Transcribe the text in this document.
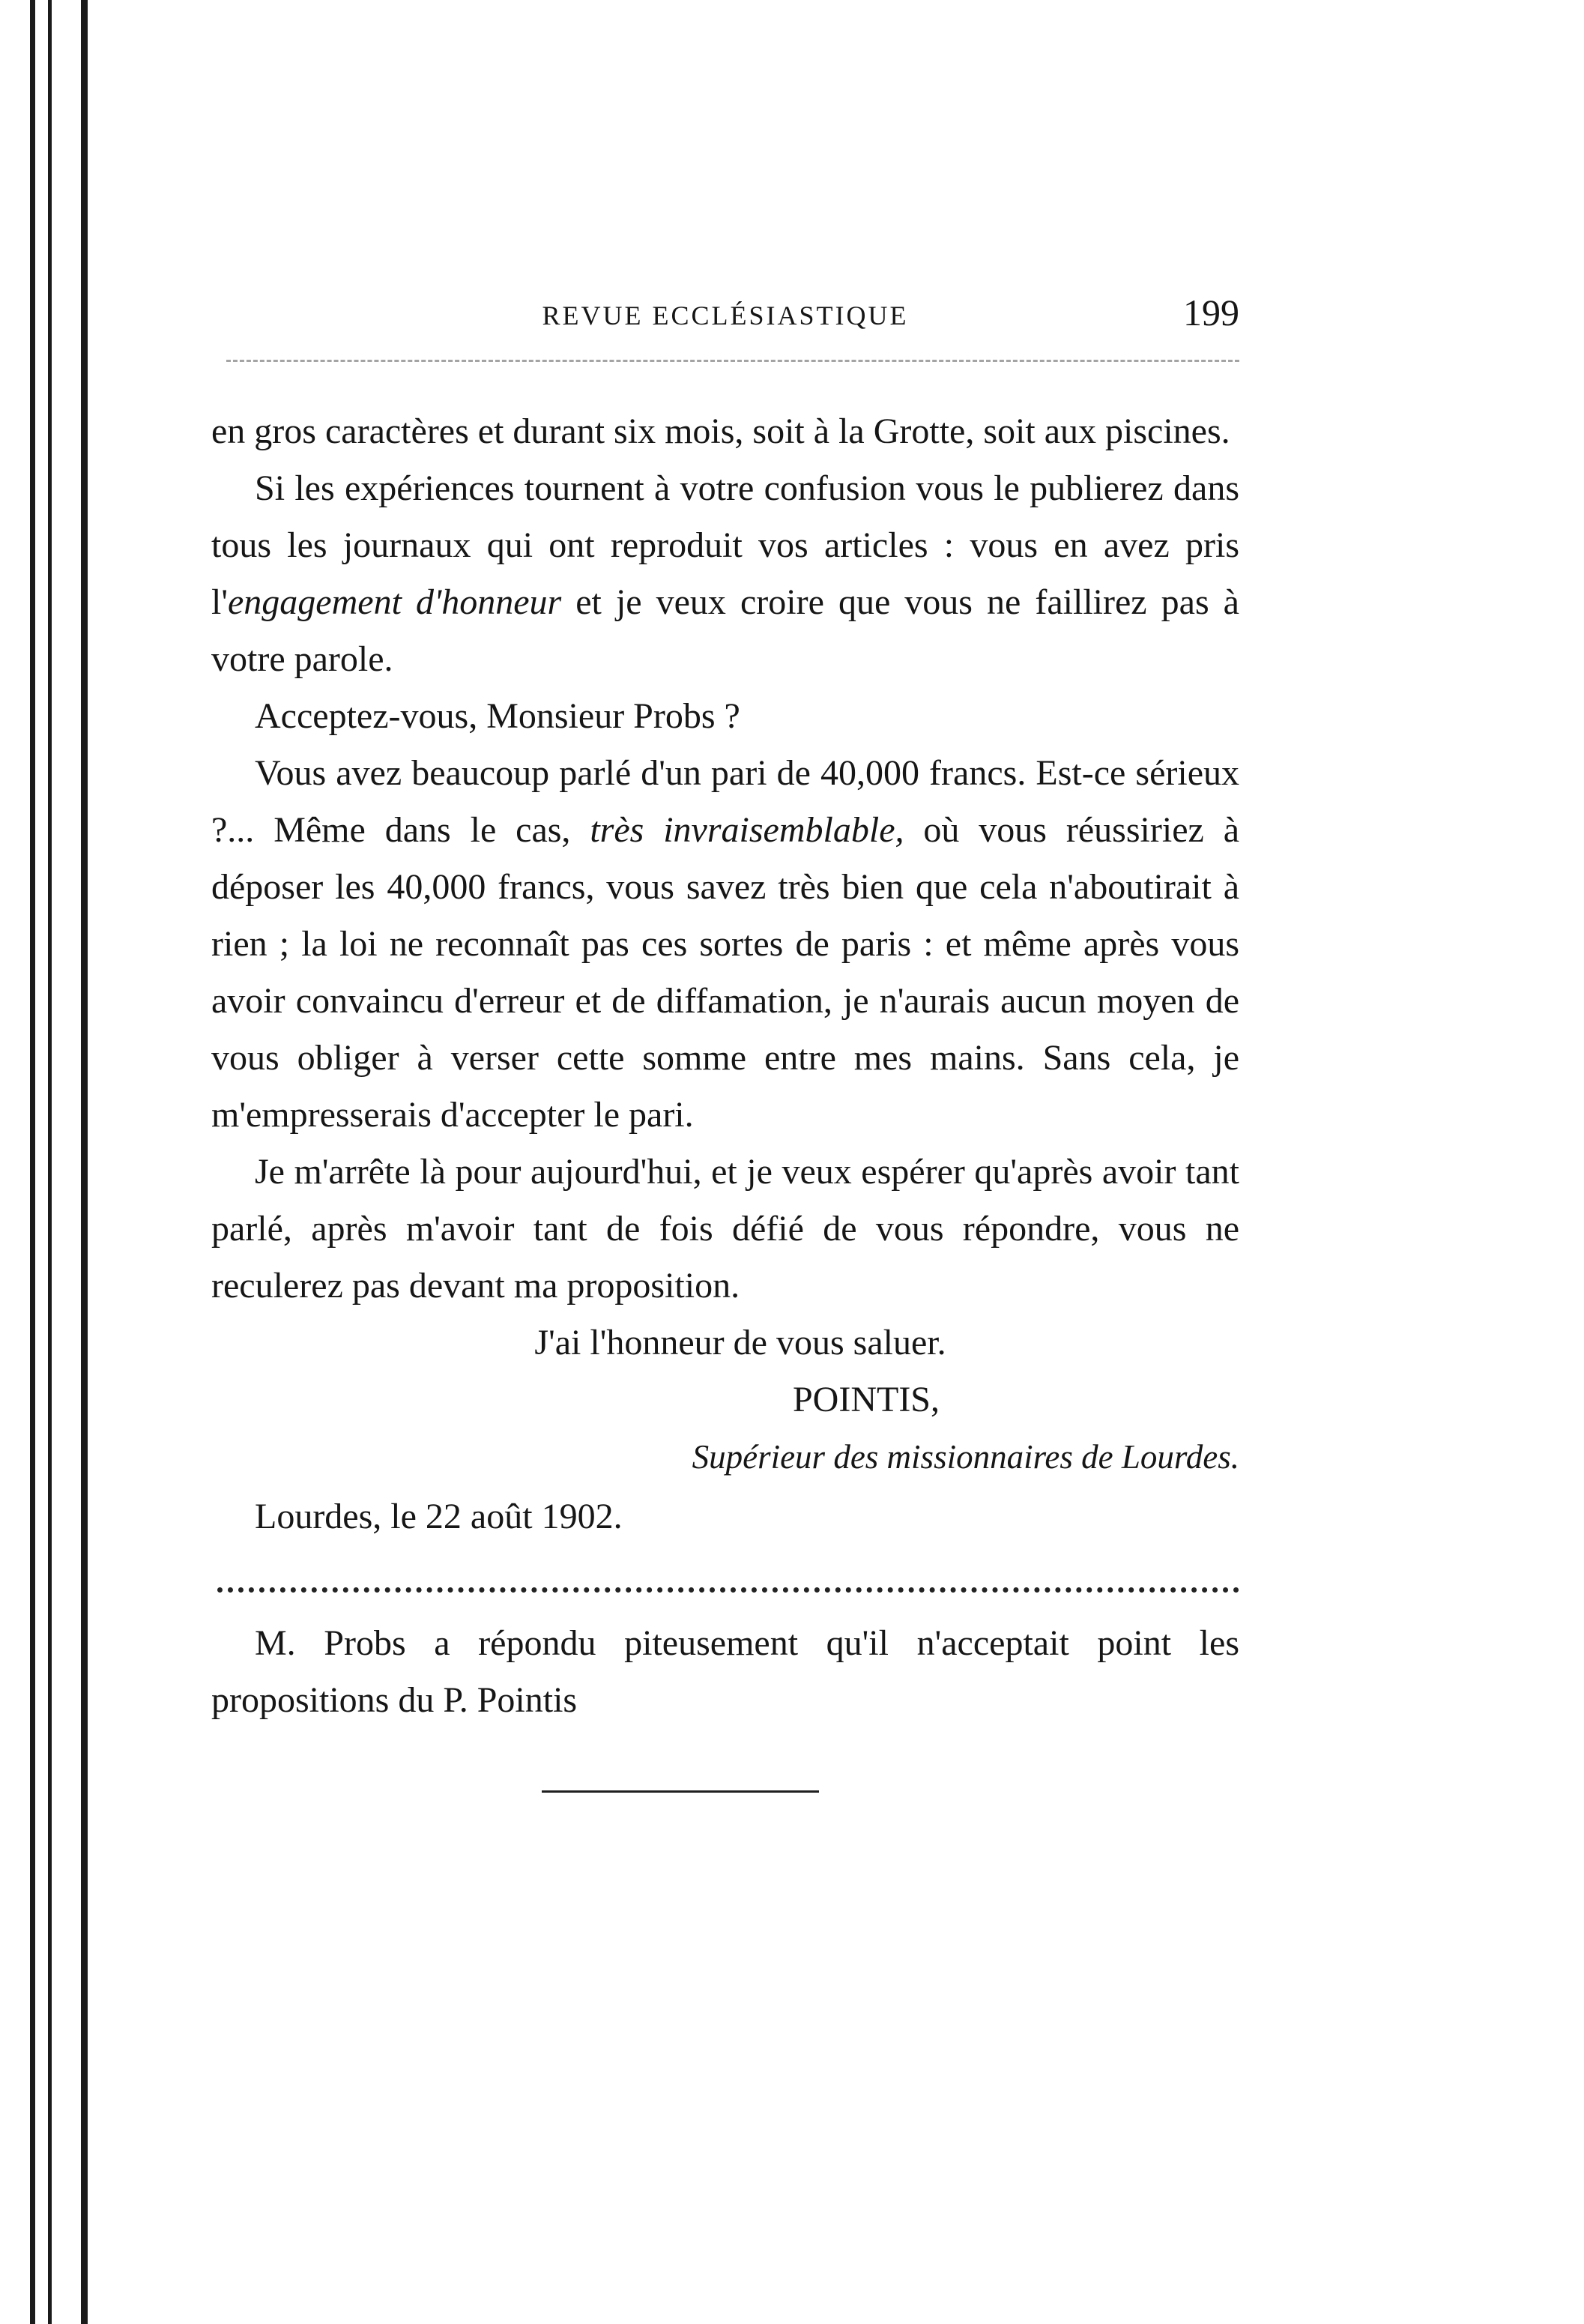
REVUE ECCLÉSIASTIQUE	199

en gros caractères et durant six mois, soit à la Grotte, soit aux piscines.

Si les expériences tournent à votre confusion vous le publierez dans tous les journaux qui ont reproduit vos articles : vous en avez pris l'engagement d'honneur et je veux croire que vous ne faillirez pas à votre parole.

Acceptez-vous, Monsieur Probs ?

Vous avez beaucoup parlé d'un pari de 40,000 francs. Est-ce sérieux ?... Même dans le cas, très invraisemblable, où vous réussiriez à déposer les 40,000 francs, vous savez très bien que cela n'aboutirait à rien ; la loi ne reconnaît pas ces sortes de paris : et même après vous avoir convaincu d'erreur et de diffamation, je n'aurais aucun moyen de vous obliger à verser cette somme entre mes mains. Sans cela, je m'empresserais d'accepter le pari.

Je m'arrête là pour aujourd'hui, et je veux espérer qu'après avoir tant parlé, après m'avoir tant de fois défié de vous répondre, vous ne reculerez pas devant ma proposition.

J'ai l'honneur de vous saluer.

POINTIS,

Supérieur des missionnaires de Lourdes.

Lourdes, le 22 août 1902.

M. Probs a répondu piteusement qu'il n'acceptait point les propositions du P. Pointis
